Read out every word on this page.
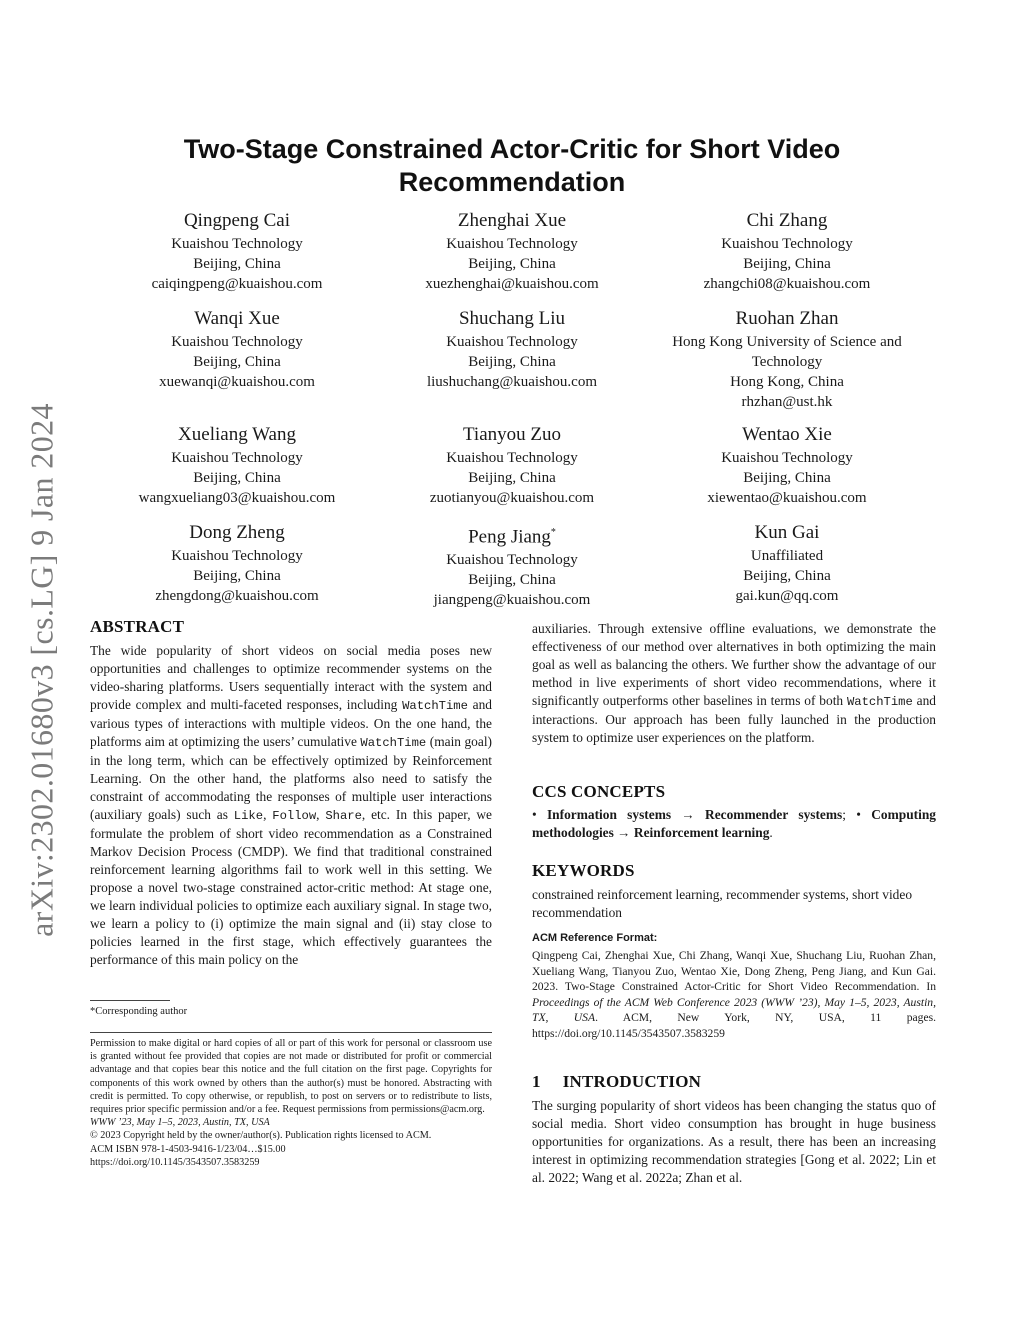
arXiv:2302.01680v3 [cs.LG] 9 Jan 2024
Two-Stage Constrained Actor-Critic for Short Video Recommendation
Qingpeng Cai
Kuaishou Technology
Beijing, China
caiqingpeng@kuaishou.com
Zhenghai Xue
Kuaishou Technology
Beijing, China
xuezhenghai@kuaishou.com
Chi Zhang
Kuaishou Technology
Beijing, China
zhangchi08@kuaishou.com
Wanqi Xue
Kuaishou Technology
Beijing, China
xuewanqi@kuaishou.com
Shuchang Liu
Kuaishou Technology
Beijing, China
liushuchang@kuaishou.com
Ruohan Zhan
Hong Kong University of Science and Technology
Hong Kong, China
rhzhan@ust.hk
Xueliang Wang
Kuaishou Technology
Beijing, China
wangxueliang03@kuaishou.com
Tianyou Zuo
Kuaishou Technology
Beijing, China
zuotianyou@kuaishou.com
Wentao Xie
Kuaishou Technology
Beijing, China
xiewentao@kuaishou.com
Dong Zheng
Kuaishou Technology
Beijing, China
zhengdong@kuaishou.com
Peng Jiang*
Kuaishou Technology
Beijing, China
jiangpeng@kuaishou.com
Kun Gai
Unaffiliated
Beijing, China
gai.kun@qq.com
ABSTRACT
The wide popularity of short videos on social media poses new opportunities and challenges to optimize recommender systems on the video-sharing platforms. Users sequentially interact with the system and provide complex and multi-faceted responses, including WatchTime and various types of interactions with multiple videos. On the one hand, the platforms aim at optimizing the users’ cumulative WatchTime (main goal) in the long term, which can be effectively optimized by Reinforcement Learning. On the other hand, the platforms also need to satisfy the constraint of accommodating the responses of multiple user interactions (auxiliary goals) such as Like, Follow, Share, etc. In this paper, we formulate the problem of short video recommendation as a Constrained Markov Decision Process (CMDP). We find that traditional constrained reinforcement learning algorithms fail to work well in this setting. We propose a novel two-stage constrained actor-critic method: At stage one, we learn individual policies to optimize each auxiliary signal. In stage two, we learn a policy to (i) optimize the main signal and (ii) stay close to policies learned in the first stage, which effectively guarantees the performance of this main policy on the
*Corresponding author
Permission to make digital or hard copies of all or part of this work for personal or classroom use is granted without fee provided that copies are not made or distributed for profit or commercial advantage and that copies bear this notice and the full citation on the first page. Copyrights for components of this work owned by others than the author(s) must be honored. Abstracting with credit is permitted. To copy otherwise, or republish, to post on servers or to redistribute to lists, requires prior specific permission and/or a fee. Request permissions from permissions@acm.org.
WWW ’23, May 1–5, 2023, Austin, TX, USA
© 2023 Copyright held by the owner/author(s). Publication rights licensed to ACM.
ACM ISBN 978-1-4503-9416-1/23/04…$15.00
https://doi.org/10.1145/3543507.3583259
auxiliaries. Through extensive offline evaluations, we demonstrate the effectiveness of our method over alternatives in both optimizing the main goal as well as balancing the others. We further show the advantage of our method in live experiments of short video recommendations, where it significantly outperforms other baselines in terms of both WatchTime and interactions. Our approach has been fully launched in the production system to optimize user experiences on the platform.
CCS CONCEPTS
• Information systems → Recommender systems; • Computing methodologies → Reinforcement learning.
KEYWORDS
constrained reinforcement learning, recommender systems, short video recommendation
ACM Reference Format:
Qingpeng Cai, Zhenghai Xue, Chi Zhang, Wanqi Xue, Shuchang Liu, Ruohan Zhan, Xueliang Wang, Tianyou Zuo, Wentao Xie, Dong Zheng, Peng Jiang, and Kun Gai. 2023. Two-Stage Constrained Actor-Critic for Short Video Recommendation. In Proceedings of the ACM Web Conference 2023 (WWW ’23), May 1–5, 2023, Austin, TX, USA. ACM, New York, NY, USA, 11 pages. https://doi.org/10.1145/3543507.3583259
1 INTRODUCTION
The surging popularity of short videos has been changing the status quo of social media. Short video consumption has brought in huge business opportunities for organizations. As a result, there has been an increasing interest in optimizing recommendation strategies [Gong et al. 2022; Lin et al. 2022; Wang et al. 2022a; Zhan et al.
